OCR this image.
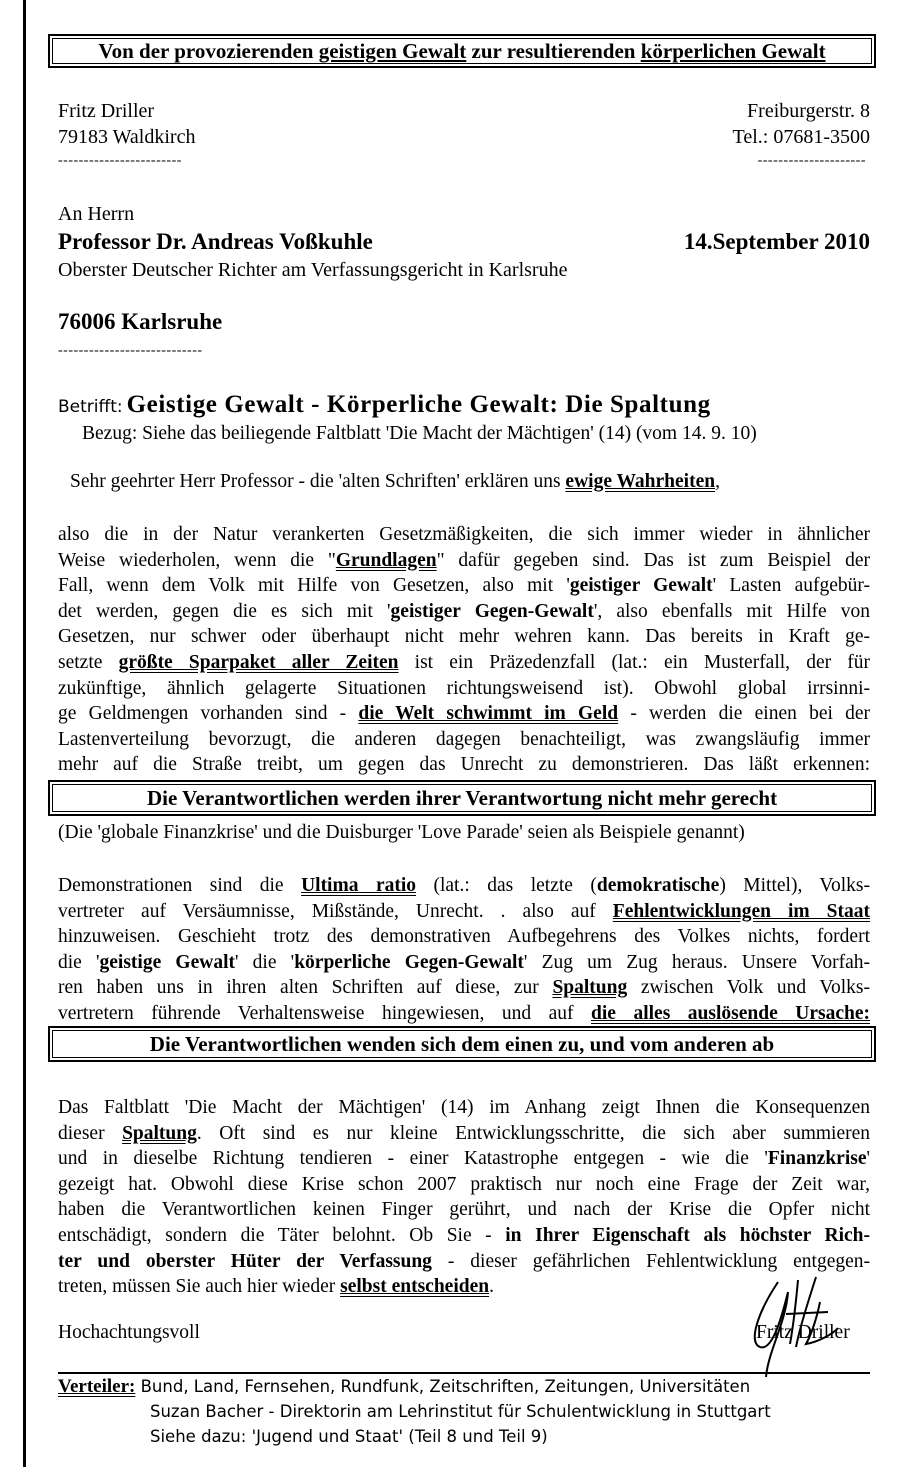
Von der provozierenden geistigen Gewalt zur resultierenden körperlichen Gewalt
Fritz Driller
79183 Waldkirch
------------------------
Freiburgerstr. 8
Tel.: 07681-3500
---------------------
An Herrn
Professor Dr. Andreas Voßkuhle	14.September 2010
Oberster Deutscher Richter am Verfassungsgericht in Karlsruhe
76006 Karlsruhe
----------------------------
Betrifft: Geistige Gewalt - Körperliche Gewalt: Die Spaltung
Bezug: Siehe das beiliegende Faltblatt 'Die Macht der Mächtigen' (14) (vom 14. 9. 10)
Sehr geehrter Herr Professor - die 'alten Schriften' erklären uns ewige Wahrheiten,
also die in der Natur verankerten Gesetzmäßigkeiten, die sich immer wieder in ähnlicher
Weise wiederholen, wenn die "Grundlagen" dafür gegeben sind. Das ist zum Beispiel der
Fall, wenn dem Volk mit Hilfe von Gesetzen, also mit 'geistiger Gewalt' Lasten aufgebür-
det werden, gegen die es sich mit 'geistiger Gegen-Gewalt', also ebenfalls mit Hilfe von
Gesetzen, nur schwer oder überhaupt nicht mehr wehren kann. Das bereits in Kraft ge-
setzte größte Sparpaket aller Zeiten ist ein Präzedenzfall (lat.: ein Musterfall, der für
zukünftige, ähnlich gelagerte Situationen richtungsweisend ist). Obwohl global irrsinni-
ge Geldmengen vorhanden sind - die Welt schwimmt im Geld - werden die einen bei der
Lastenverteilung bevorzugt, die anderen dagegen benachteiligt, was zwangsläufig immer
mehr auf die Straße treibt, um gegen das Unrecht zu demonstrieren. Das läßt erkennen:
Die Verantwortlichen werden ihrer Verantwortung nicht mehr gerecht
(Die 'globale Finanzkrise' und die Duisburger 'Love Parade' seien als Beispiele genannt)
Demonstrationen sind die Ultima ratio (lat.: das letzte (demokratische) Mittel), Volks-
vertreter auf Versäumnisse, Mißstände, Unrecht. . also auf Fehlentwicklungen im Staat
hinzuweisen. Geschieht trotz des demonstrativen Aufbegehrens des Volkes nichts, fordert
die 'geistige Gewalt' die 'körperliche Gegen-Gewalt' Zug um Zug heraus. Unsere Vorfah-
ren haben uns in ihren alten Schriften auf diese, zur Spaltung zwischen Volk und Volks-
vertretern führende Verhaltensweise hingewiesen, und auf die alles auslösende Ursache:
Die Verantwortlichen wenden sich dem einen zu, und vom anderen ab
Das Faltblatt 'Die Macht der Mächtigen' (14) im Anhang zeigt Ihnen die Konsequenzen
dieser Spaltung. Oft sind es nur kleine Entwicklungsschritte, die sich aber summieren
und in dieselbe Richtung tendieren - einer Katastrophe entgegen - wie die 'Finanzkrise'
gezeigt hat. Obwohl diese Krise schon 2007 praktisch nur noch eine Frage der Zeit war,
haben die Verantwortlichen keinen Finger gerührt, und nach der Krise die Opfer nicht
entschädigt, sondern die Täter belohnt. Ob Sie - in Ihrer Eigenschaft als höchster Rich-
ter und oberster Hüter der Verfassung - dieser gefährlichen Fehlentwicklung entgegen-
treten, müssen Sie auch hier wieder selbst entscheiden.
Hochachtungsvoll	Fritz Driller
Verteiler: Bund, Land, Fernsehen, Rundfunk, Zeitschriften, Zeitungen, Universitäten
Suzan Bacher - Direktorin am Lehrinstitut für Schulentwicklung in Stuttgart
Siehe dazu: 'Jugend und Staat' (Teil 8 und Teil 9)
